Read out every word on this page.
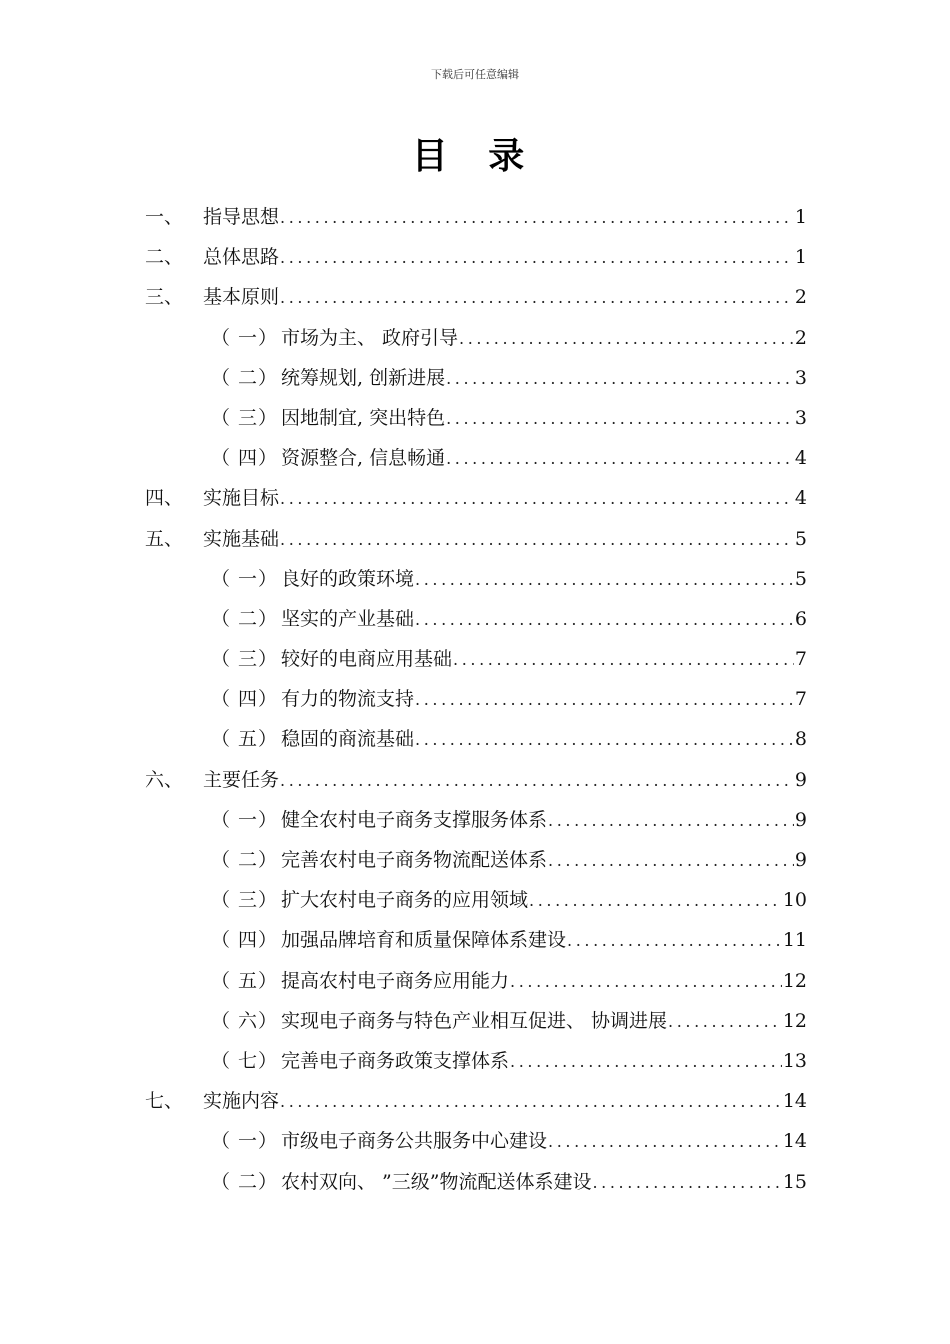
下载后可任意编辑
目 录
一、	指导思想 .....	1
二、	总体思路 .....	1
三、	基本原则 .....	2
（ 一） 市场为主、 政府引导 .....	2
（ 二） 统筹规划, 创新进展 .....	3
（ 三） 因地制宜, 突出特色 .....	3
（ 四） 资源整合, 信息畅通 .....	4
四、	实施目标 .....	4
五、	实施基础 .....	5
（ 一） 良好的政策环境 .....	5
（ 二） 坚实的产业基础 .....	6
（ 三） 较好的电商应用基础 .....	7
（ 四） 有力的物流支持 .....	7
（ 五） 稳固的商流基础 .....	8
六、	主要任务 .....	9
（ 一） 健全农村电子商务支撑服务体系 .....	9
（ 二） 完善农村电子商务物流配送体系 .....	9
（ 三） 扩大农村电子商务的应用领域 .....	10
（ 四） 加强品牌培育和质量保障体系建设 .....	11
（ 五） 提高农村电子商务应用能力 .....	12
（ 六） 实现电子商务与特色产业相互促进、 协调进展 .....	12
（ 七） 完善电子商务政策支撑体系 .....	13
七、	实施内容 .....	14
（ 一） 市级电子商务公共服务中心建设 .....	14
（ 二） 农村双向、 ”三级”物流配送体系建设 .....	15
